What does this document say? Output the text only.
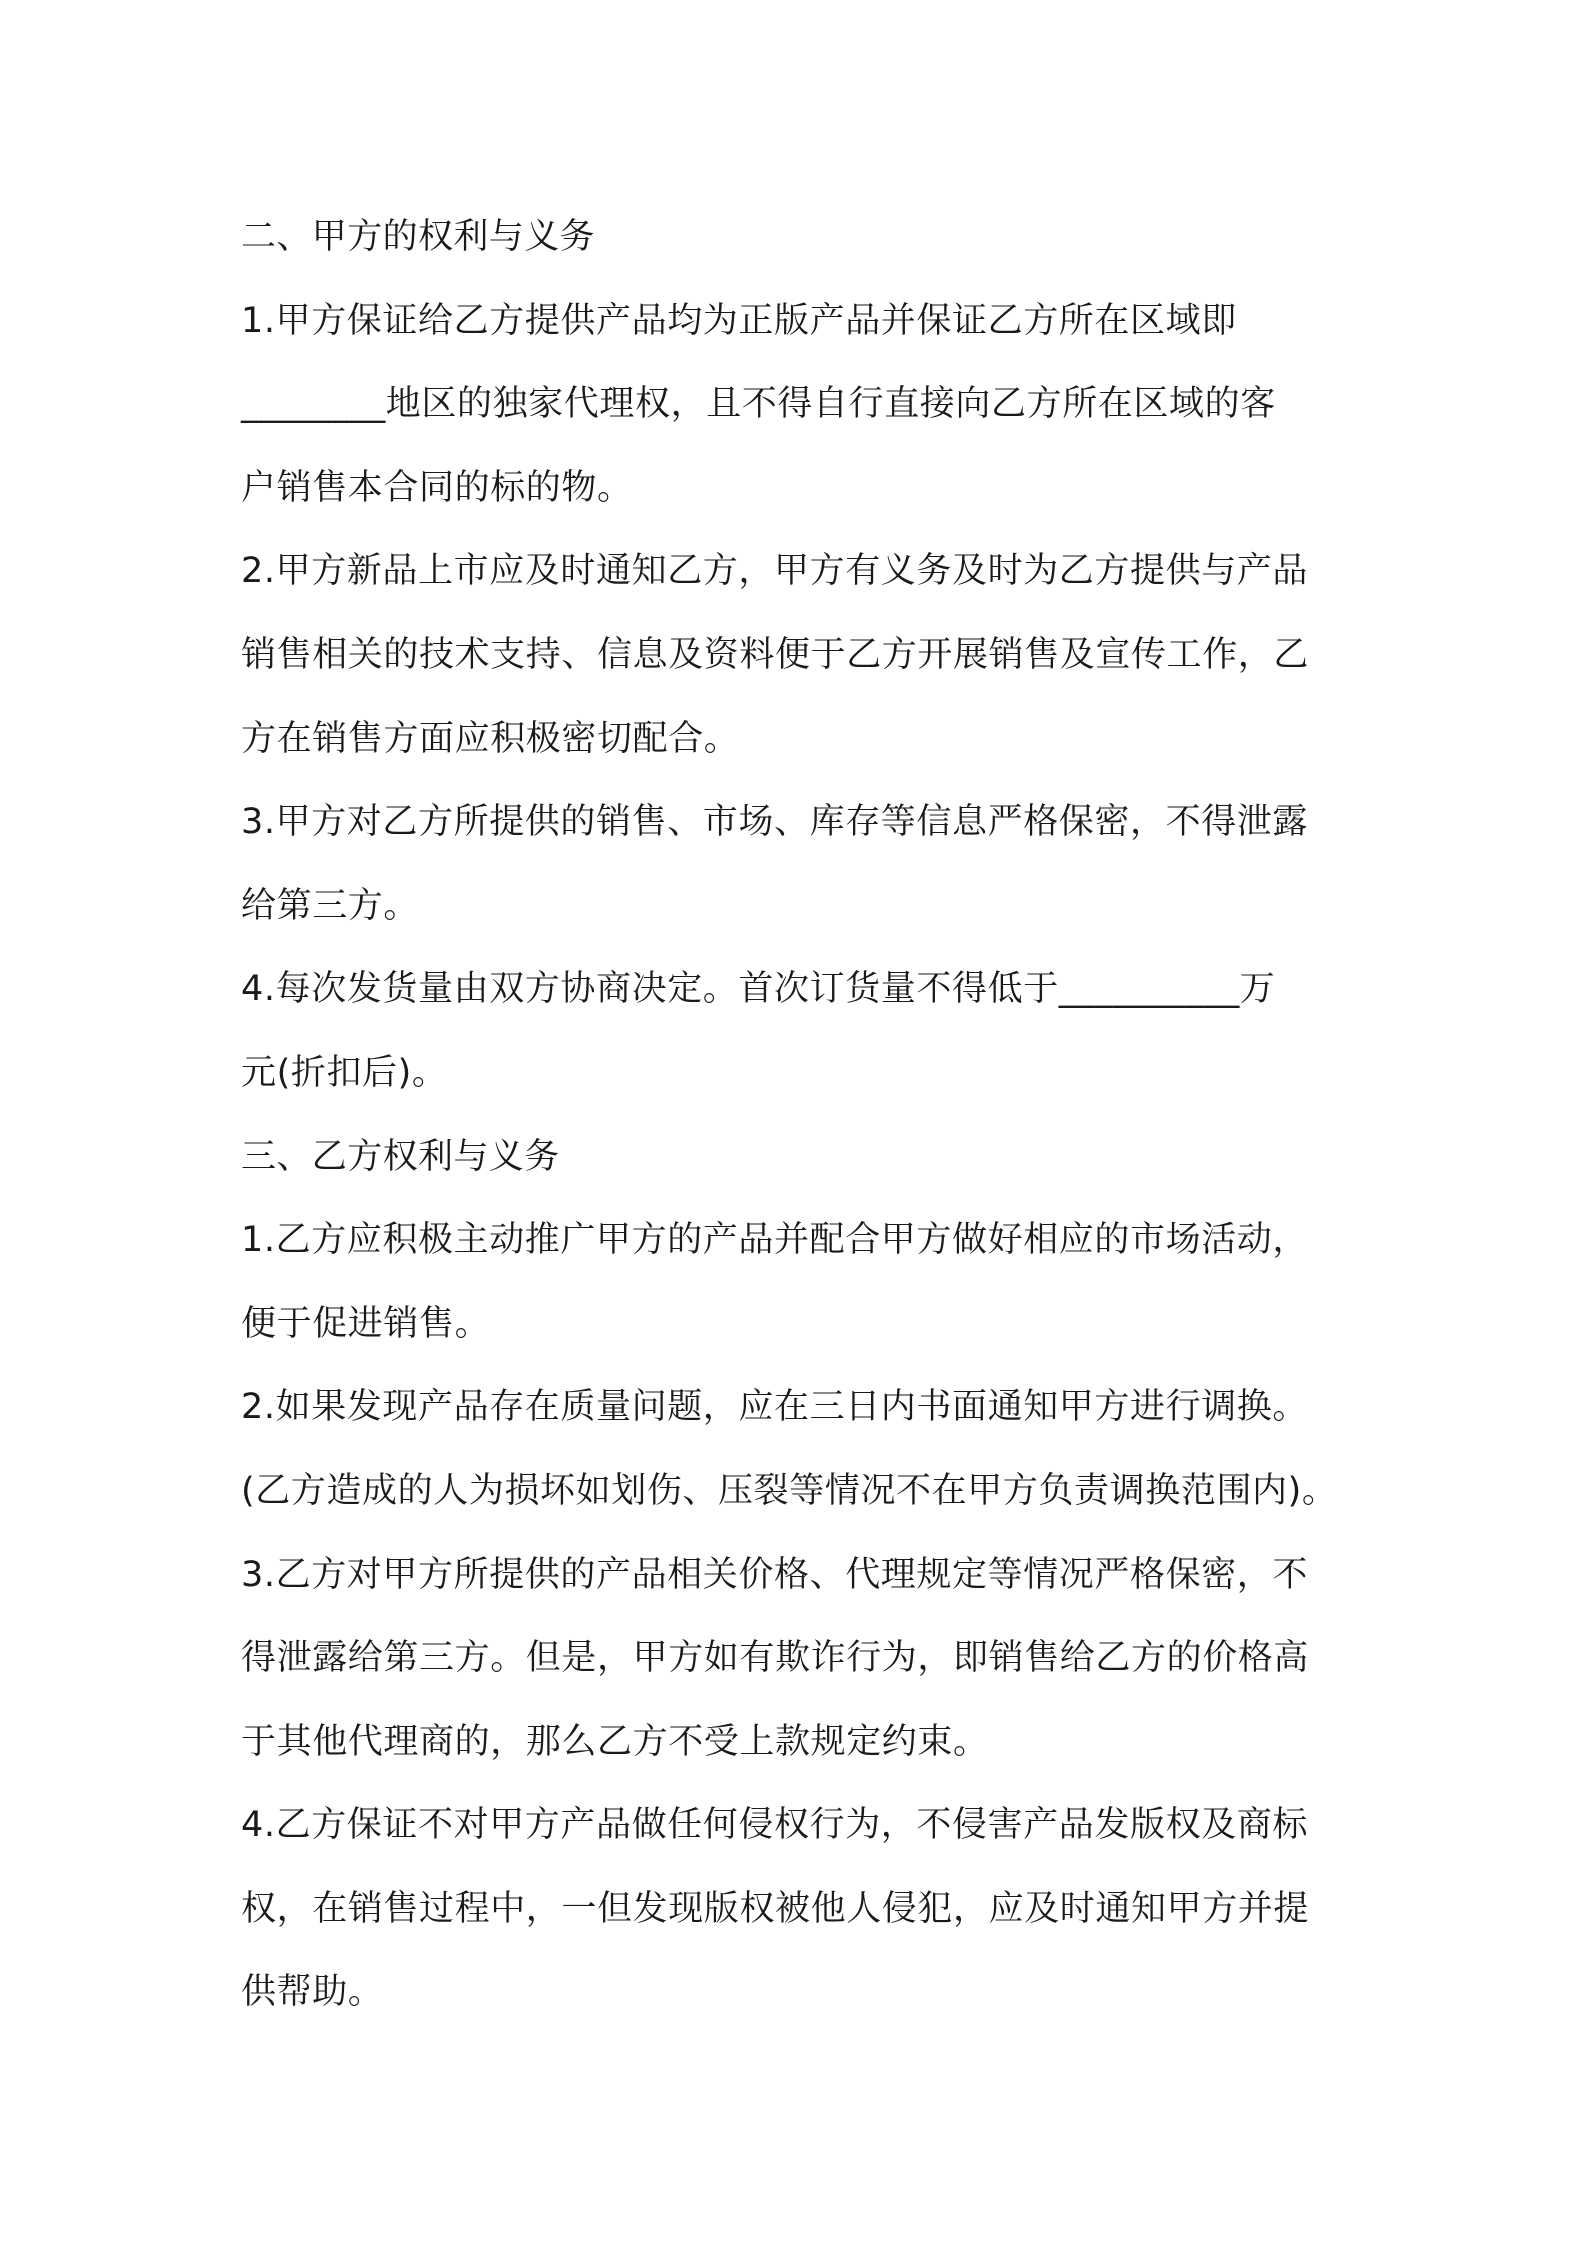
二、甲方的权利与义务
1.甲方保证给乙方提供产品均为正版产品并保证乙方所在区域即
________地区的独家代理权，且不得自行直接向乙方所在区域的客
户销售本合同的标的物。
2.甲方新品上市应及时通知乙方，甲方有义务及时为乙方提供与产品
销售相关的技术支持、信息及资料便于乙方开展销售及宣传工作，乙
方在销售方面应积极密切配合。
3.甲方对乙方所提供的销售、市场、库存等信息严格保密，不得泄露
给第三方。
4.每次发货量由双方协商决定。首次订货量不得低于__________万
元(折扣后)。
三、乙方权利与义务
1.乙方应积极主动推广甲方的产品并配合甲方做好相应的市场活动，
便于促进销售。
2.如果发现产品存在质量问题，应在三日内书面通知甲方进行调换。
(乙方造成的人为损坏如划伤、压裂等情况不在甲方负责调换范围内)。
3.乙方对甲方所提供的产品相关价格、代理规定等情况严格保密，不
得泄露给第三方。但是，甲方如有欺诈行为，即销售给乙方的价格高
于其他代理商的，那么乙方不受上款规定约束。
4.乙方保证不对甲方产品做任何侵权行为，不侵害产品发版权及商标
权，在销售过程中，一但发现版权被他人侵犯，应及时通知甲方并提
供帮助。
